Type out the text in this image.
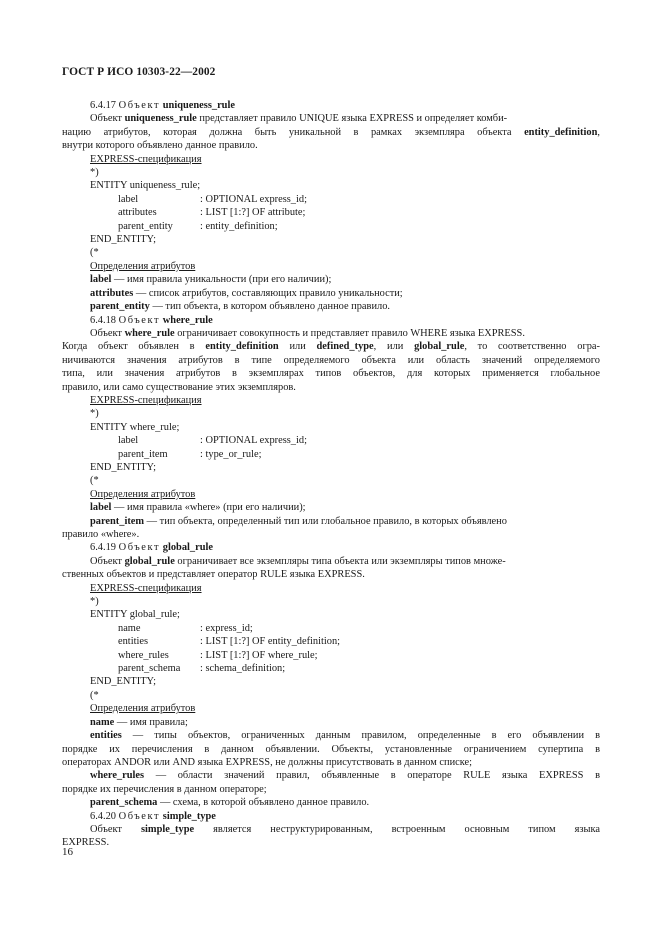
ГОСТ Р ИСО 10303-22—2002
6.4.17 Объект uniqueness_rule
Объект uniqueness_rule представляет правило UNIQUE языка EXPRESS и определяет комби-
нацию атрибутов, которая должна быть уникальной в рамках экземпляра объекта entity_definition,
внутри которого объявлено данное правило.
EXPRESS-спецификация
*)
ENTITY uniqueness_rule;
label	: OPTIONAL express_id;
attributes	: LIST [1:?] OF attribute;
parent_entity	: entity_definition;
END_ENTITY;
(*
Определения атрибутов
label — имя правила уникальности (при его наличии);
attributes — список атрибутов, составляющих правило уникальности;
parent_entity — тип объекта, в котором объявлено данное правило.
6.4.18 Объект where_rule
Объект where_rule ограничивает совокупность и представляет правило WHERE языка EXPRESS.
Когда объект объявлен в entity_definition или defined_type, или global_rule, то соответственно огра-
ничиваются значения атрибутов в типе определяемого объекта или область значений определяемого
типа, или значения атрибутов в экземплярах типов объектов, для которых применяется глобальное
правило, или само существование этих экземпляров.
EXPRESS-спецификация
*)
ENTITY where_rule;
label	: OPTIONAL express_id;
parent_item	: type_or_rule;
END_ENTITY;
(*
Определения атрибутов
label — имя правила «where» (при его наличии);
parent_item — тип объекта, определенный тип или глобальное правило, в которых объявлено
правило «where».
6.4.19 Объект global_rule
Объект global_rule ограничивает все экземпляры типа объекта или экземпляры типов множе-
ственных объектов и представляет оператор RULE языка EXPRESS.
EXPRESS-спецификация
*)
ENTITY global_rule;
name	: express_id;
entities	: LIST [1:?] OF entity_definition;
where_rules	: LIST [1:?] OF where_rule;
parent_schema : schema_definition;
END_ENTITY;
(*
Определения атрибутов
name — имя правила;
entities — типы объектов, ограниченных данным правилом, определенные в его объявлении в
порядке их перечисления в данном объявлении. Объекты, установленные ограничением супертипа в
операторах ANDOR или AND языка EXPRESS, не должны присутствовать в данном списке;
where_rules — области значений правил, объявленные в операторе RULE языка EXPRESS в
порядке их перечисления в данном операторе;
parent_schema — схема, в которой объявлено данное правило.
6.4.20 Объект simple_type
Объект simple_type является неструктурированным, встроенным основным типом языка
EXPRESS.
16
